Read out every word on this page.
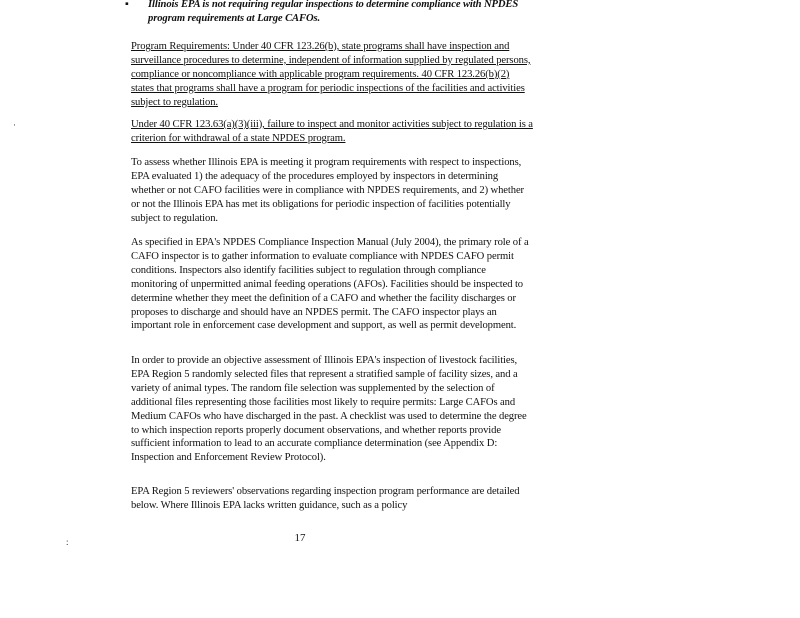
▪	Illinois EPA is not requiring regular inspections to determine compliance with NPDES program requirements at Large CAFOs.
Program Requirements: Under 40 CFR 123.26(b), state programs shall have inspection and surveillance procedures to determine, independent of information supplied by regulated persons, compliance or noncompliance with applicable program requirements. 40 CFR 123.26(b)(2) states that programs shall have a program for periodic inspections of the facilities and activities subject to regulation.
Under 40 CFR 123.63(a)(3)(iii), failure to inspect and monitor activities subject to regulation is a criterion for withdrawal of a state NPDES program.
To assess whether Illinois EPA is meeting it program requirements with respect to inspections, EPA evaluated 1) the adequacy of the procedures employed by inspectors in determining whether or not CAFO facilities were in compliance with NPDES requirements, and 2) whether or not the Illinois EPA has met its obligations for periodic inspection of facilities potentially subject to regulation.
As specified in EPA's NPDES Compliance Inspection Manual (July 2004), the primary role of a CAFO inspector is to gather information to evaluate compliance with NPDES CAFO permit conditions. Inspectors also identify facilities subject to regulation through compliance monitoring of unpermitted animal feeding operations (AFOs). Facilities should be inspected to determine whether they meet the definition of a CAFO and whether the facility discharges or proposes to discharge and should have an NPDES permit. The CAFO inspector plays an important role in enforcement case development and support, as well as permit development.
In order to provide an objective assessment of Illinois EPA's inspection of livestock facilities, EPA Region 5 randomly selected files that represent a stratified sample of facility sizes, and a variety of animal types. The random file selection was supplemented by the selection of additional files representing those facilities most likely to require permits: Large CAFOs and Medium CAFOs who have discharged in the past. A checklist was used to determine the degree to which inspection reports properly document observations, and whether reports provide sufficient information to lead to an accurate compliance determination (see Appendix D: Inspection and Enforcement Review Protocol).
EPA Region 5 reviewers' observations regarding inspection program performance are detailed below. Where Illinois EPA lacks written guidance, such as a policy
17
·
:
